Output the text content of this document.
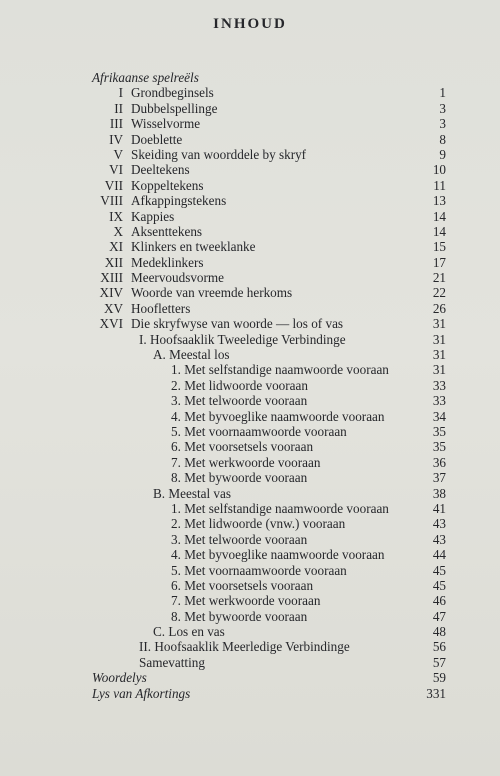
INHOUD
Afrikaanse spelreëls
I Grondbeginsels	1
II Dubbelspellinge	3
III Wisselvorme	3
IV Doeblette	8
V Skeiding van woorddele by skryf	9
VI Deeltekens	10
VII Koppeltekens	11
VIII Afkappingstekens	13
IX Kappies	14
X Aksenttekens	14
XI Klinkers en tweeklanke	15
XII Medeklinkers	17
XIII Meervoudsvorme	21
XIV Woorde van vreemde herkoms	22
XV Hoofletters	26
XVI Die skryfwyse van woorde — los of vas	31
I. Hoofsaaklik Tweeledige Verbindinge	31
A. Meestal los	31
1. Met selfstandige naamwoorde vooraan	31
2. Met lidwoorde vooraan	33
3. Met telwoorde vooraan	33
4. Met byvoeglike naamwoorde vooraan	34
5. Met voornaamwoorde vooraan	35
6. Met voorsetsels vooraan	35
7. Met werkwoorde vooraan	36
8. Met bywoorde vooraan	37
B. Meestal vas	38
1. Met selfstandige naamwoorde vooraan	41
2. Met lidwoorde (vnw.) vooraan	43
3. Met telwoorde vooraan	43
4. Met byvoeglike naamwoorde vooraan	44
5. Met voornaamwoorde vooraan	45
6. Met voorsetsels vooraan	45
7. Met werkwoorde vooraan	46
8. Met bywoorde vooraan	47
C. Los en vas	48
II. Hoofsaaklik Meerledige Verbindinge	56
Samevatting	57
Woordelys	59
Lys van Afkortings	331
